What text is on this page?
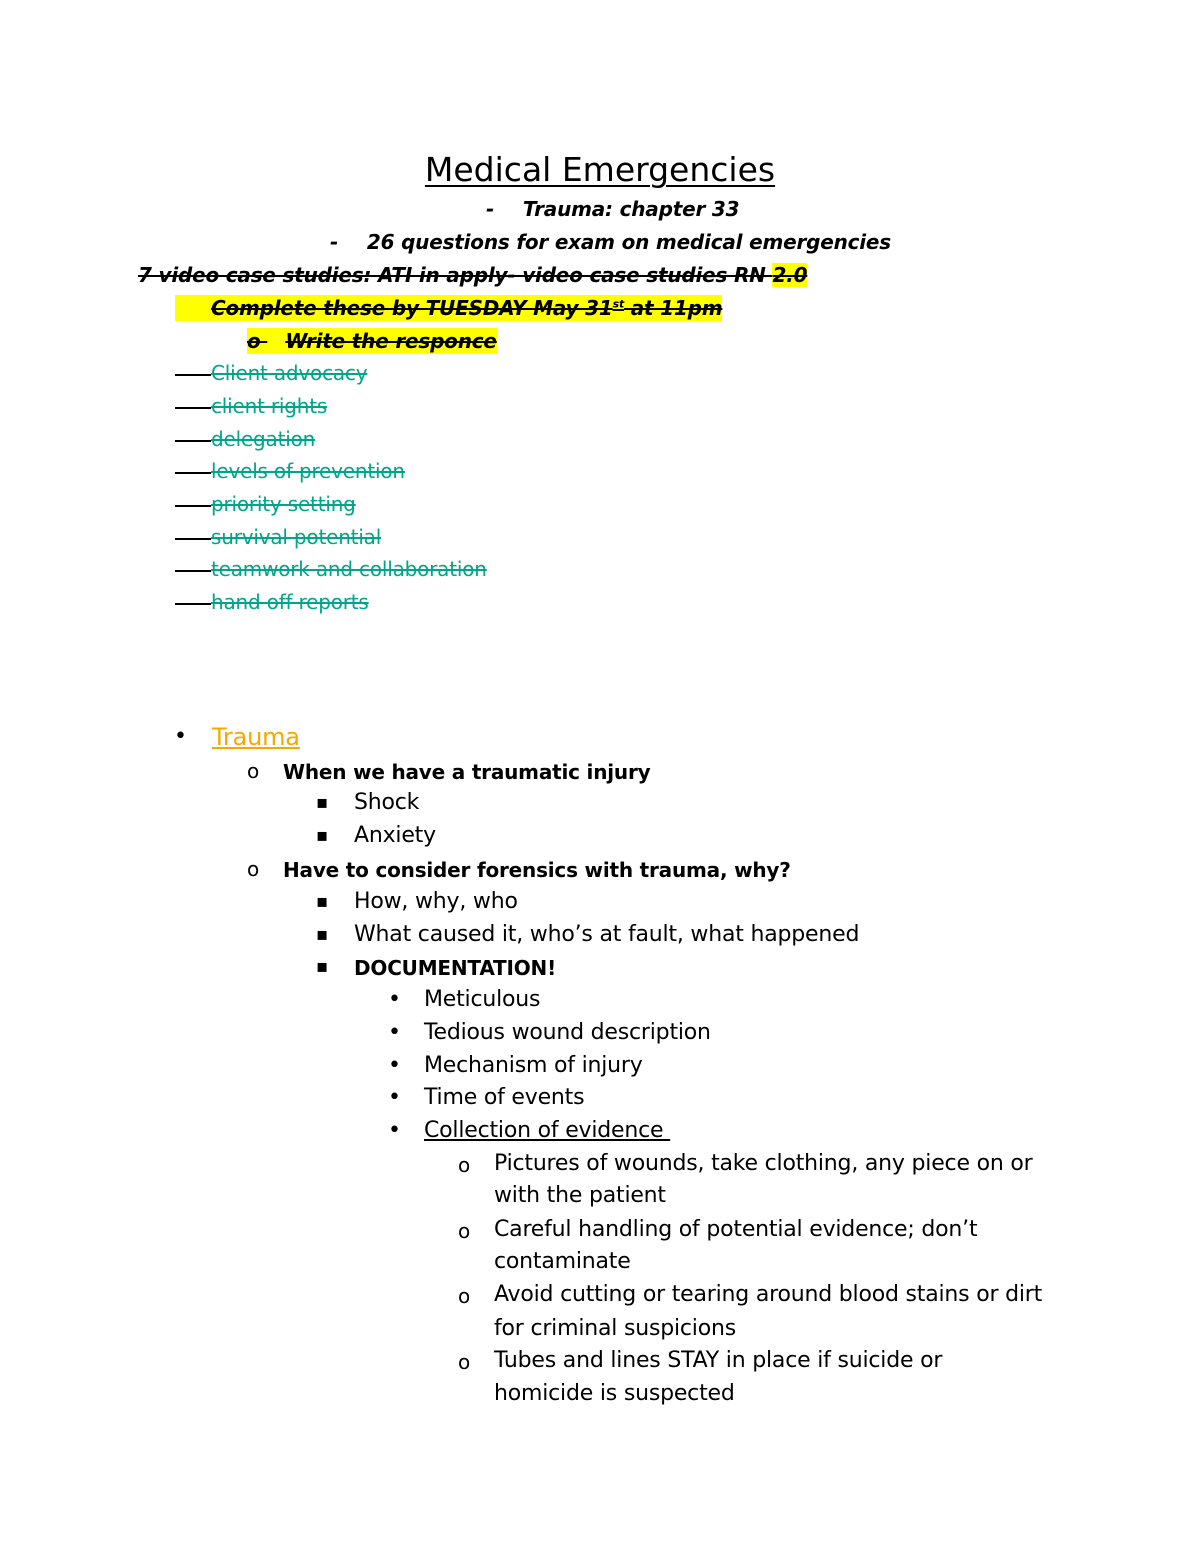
Medical Emergencies
- Trauma: chapter 33
- 26 questions for exam on medical emergencies
7 video case studies: ATI in apply- video case studies RN 2.0
Complete these by TUESDAY May 31st at 11pm
o Write the responce
Client advocacy
client rights
delegation
levels of prevention
priority setting
survival potential
teamwork and collaboration
hand off reports
• Trauma
o When we have a traumatic injury
▪ Shock
▪ Anxiety
o Have to consider forensics with trauma, why?
▪ How, why, who
▪ What caused it, who’s at fault, what happened
▪ DOCUMENTATION!
• Meticulous
• Tedious wound description
• Mechanism of injury
• Time of events
• Collection of evidence
o Pictures of wounds, take clothing, any piece on or
with the patient
o Careful handling of potential evidence; don’t
contaminate
o Avoid cutting or tearing around blood stains or dirt
for criminal suspicions
o Tubes and lines STAY in place if suicide or
homicide is suspected
